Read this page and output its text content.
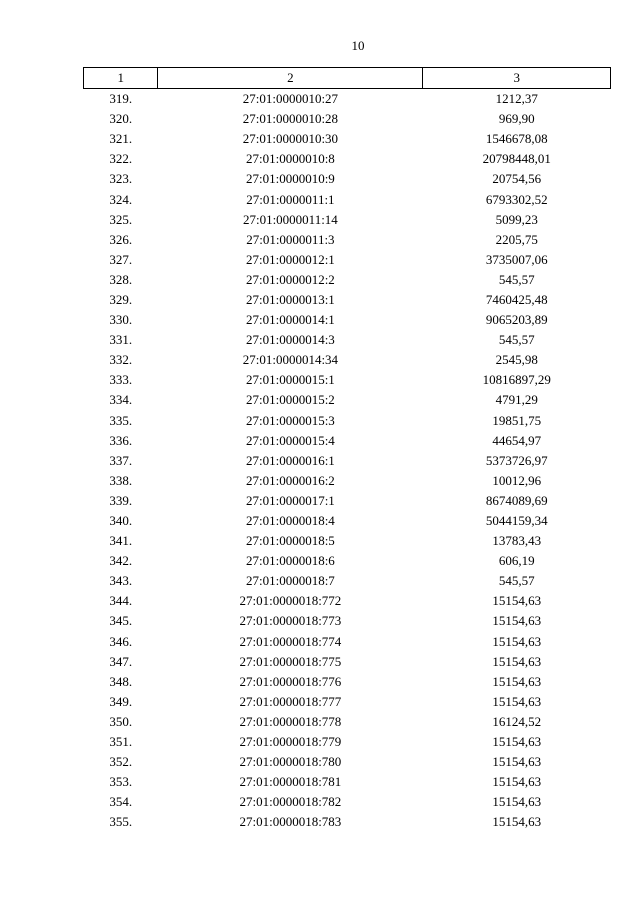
10
1	2	3
319.	27:01:0000010:27	1212,37
320.	27:01:0000010:28	969,90
321.	27:01:0000010:30	1546678,08
322.	27:01:0000010:8	20798448,01
323.	27:01:0000010:9	20754,56
324.	27:01:0000011:1	6793302,52
325.	27:01:0000011:14	5099,23
326.	27:01:0000011:3	2205,75
327.	27:01:0000012:1	3735007,06
328.	27:01:0000012:2	545,57
329.	27:01:0000013:1	7460425,48
330.	27:01:0000014:1	9065203,89
331.	27:01:0000014:3	545,57
332.	27:01:0000014:34	2545,98
333.	27:01:0000015:1	10816897,29
334.	27:01:0000015:2	4791,29
335.	27:01:0000015:3	19851,75
336.	27:01:0000015:4	44654,97
337.	27:01:0000016:1	5373726,97
338.	27:01:0000016:2	10012,96
339.	27:01:0000017:1	8674089,69
340.	27:01:0000018:4	5044159,34
341.	27:01:0000018:5	13783,43
342.	27:01:0000018:6	606,19
343.	27:01:0000018:7	545,57
344.	27:01:0000018:772	15154,63
345.	27:01:0000018:773	15154,63
346.	27:01:0000018:774	15154,63
347.	27:01:0000018:775	15154,63
348.	27:01:0000018:776	15154,63
349.	27:01:0000018:777	15154,63
350.	27:01:0000018:778	16124,52
351.	27:01:0000018:779	15154,63
352.	27:01:0000018:780	15154,63
353.	27:01:0000018:781	15154,63
354.	27:01:0000018:782	15154,63
355.	27:01:0000018:783	15154,63
